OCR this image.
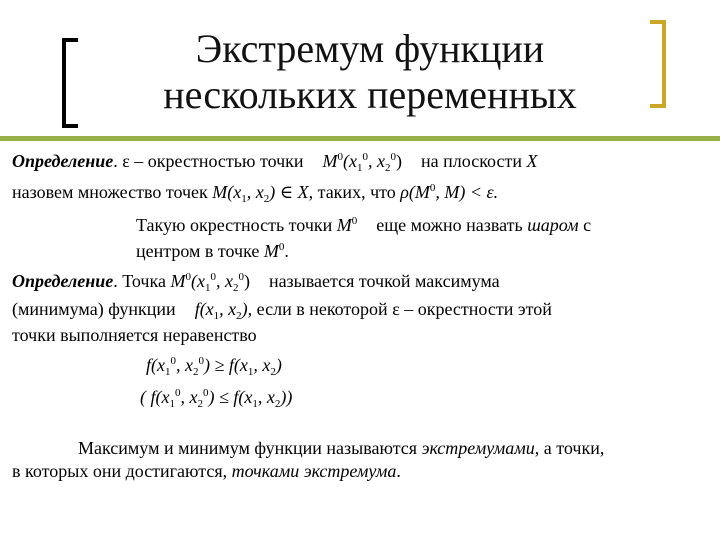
Экстремум функции
нескольких переменных
Определение. ε – окрестностью точки $M^0(x_1^0$, $x_2^0$) на плоскости X
назовем множество точек $M(x_1$, $x_2$) ∈ X, таких, что $\rho(M^0$, M) < ε.
Такую окрестность точки $M^0$ еще можно назвать шаром с
центром в точке $M^0$.
Определение. Точка $M^0(x_1^0$, $x_2^0$) называется точкой максимума
(минимума) функции $f(x_1$, $x_2$), если в некоторой ε – окрестности этой
точки выполняется неравенство
$f(x_1^0$, $x_2^0) \ge f(x_1$, $x_2$)
( $f(x_1^0$, $x_2^0) \le f(x_1$, $x_2$))
Максимум и минимум функции называются экстремумами, а точки,
в которых они достигаются, точками экстремума.
